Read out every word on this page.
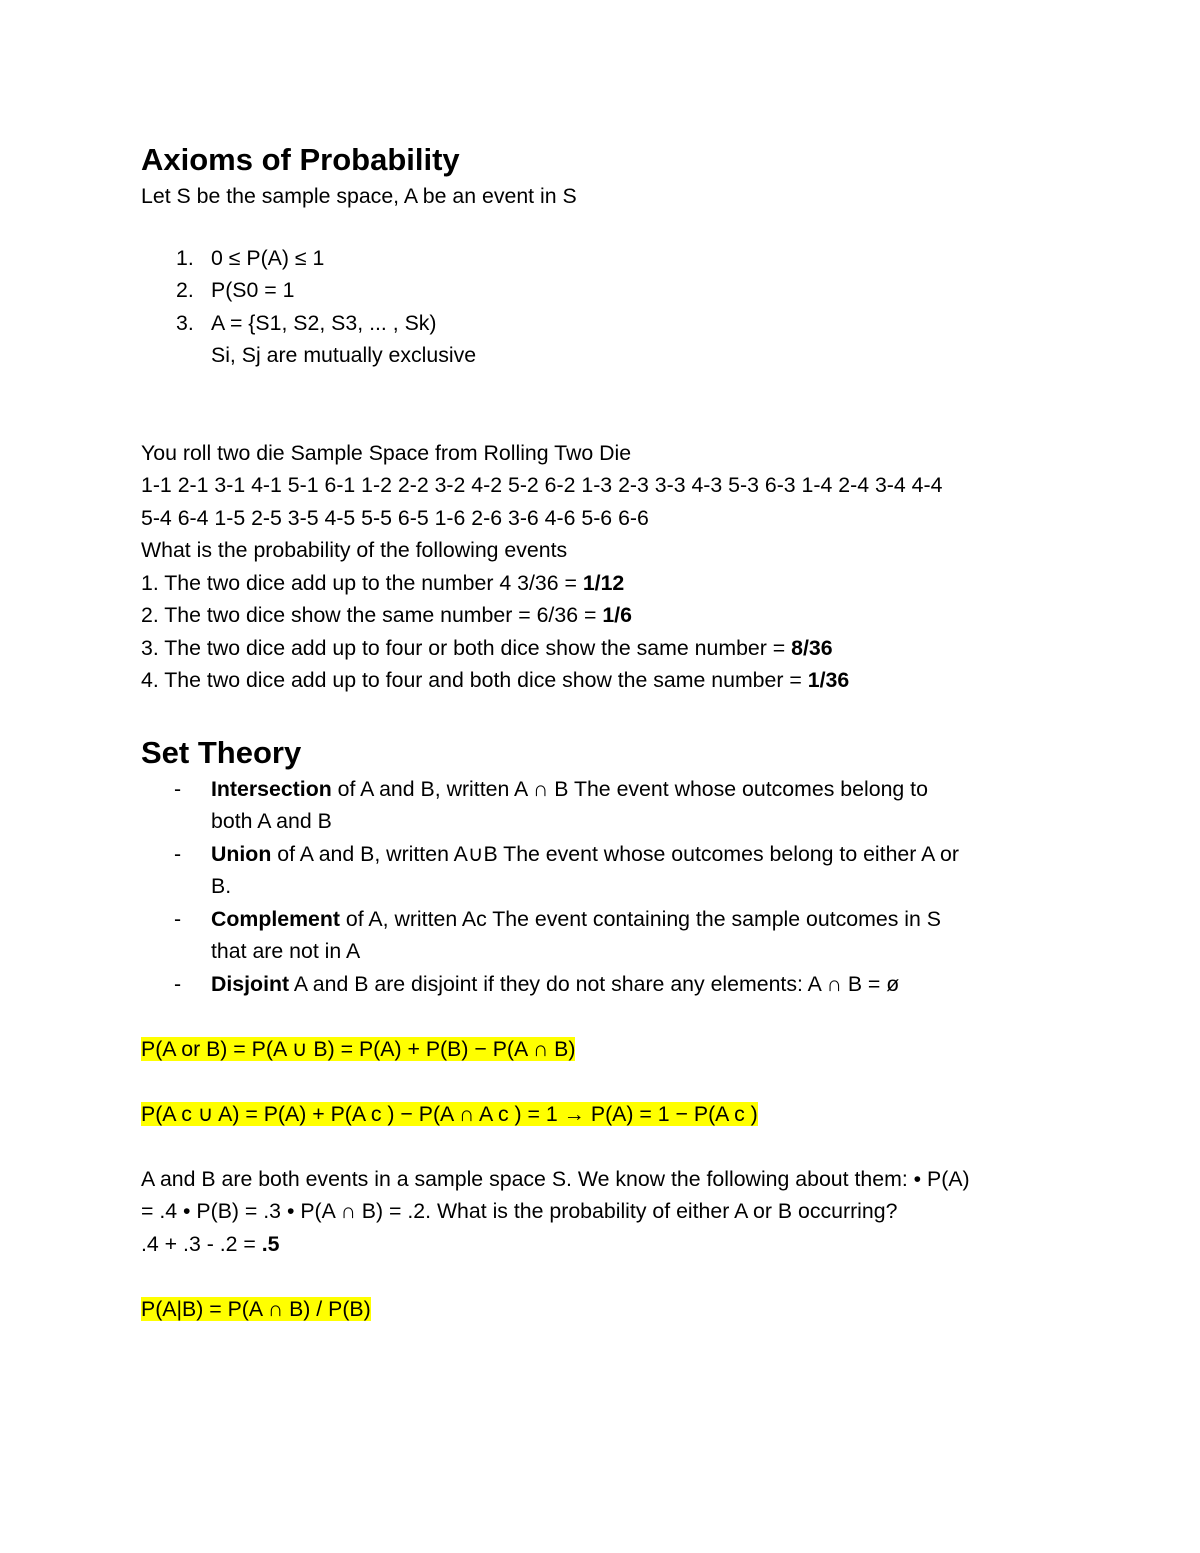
Axioms of Probability

Let S be the sample space, A be an event in S

1. 0 ≤ P(A) ≤ 1
2. P(S0 = 1
3. A = {S1, S2, S3, ... , Sk)
Si, Sj are mutually exclusive

You roll two die Sample Space from Rolling Two Die

1-1 2-1 3-1 4-1 5-1 6-1 1-2 2-2 3-2 4-2 5-2 6-2 1-3 2-3 3-3 4-3 5-3 6-3 1-4 2-4 3-4 4-4

5-4 6-4 1-5 2-5 3-5 4-5 5-5 6-5 1-6 2-6 3-6 4-6 5-6 6-6

What is the probability of the following events

1. The two dice add up to the number 4 3/36 = 1/12

2. The two dice show the same number = 6/36 = 1/6

3. The two dice add up to four or both dice show the same number = 8/36

4. The two dice add up to four and both dice show the same number = 1/36

Set Theory
- Intersection of A and B, written A ∩ B The event whose outcomes belong to
both A and B
- Union of A and B, written A∪B The event whose outcomes belong to either A or
B.
- Complement of A, written Ac The event containing the sample outcomes in S
that are not in A
- Disjoint A and B are disjoint if they do not share any elements: A ∩ B = ø

P(A or B) = P(A ∪ B) = P(A) + P(B) − P(A ∩ B)

P(A c ∪ A) = P(A) + P(A c ) − P(A ∩ A c ) = 1 → P(A) = 1 − P(A c )

A and B are both events in a sample space S. We know the following about them: • P(A)

= .4 • P(B) = .3 • P(A ∩ B) = .2. What is the probability of either A or B occurring?

.4 + .3 - .2 = .5

P(A|B) = P(A ∩ B) / P(B)
